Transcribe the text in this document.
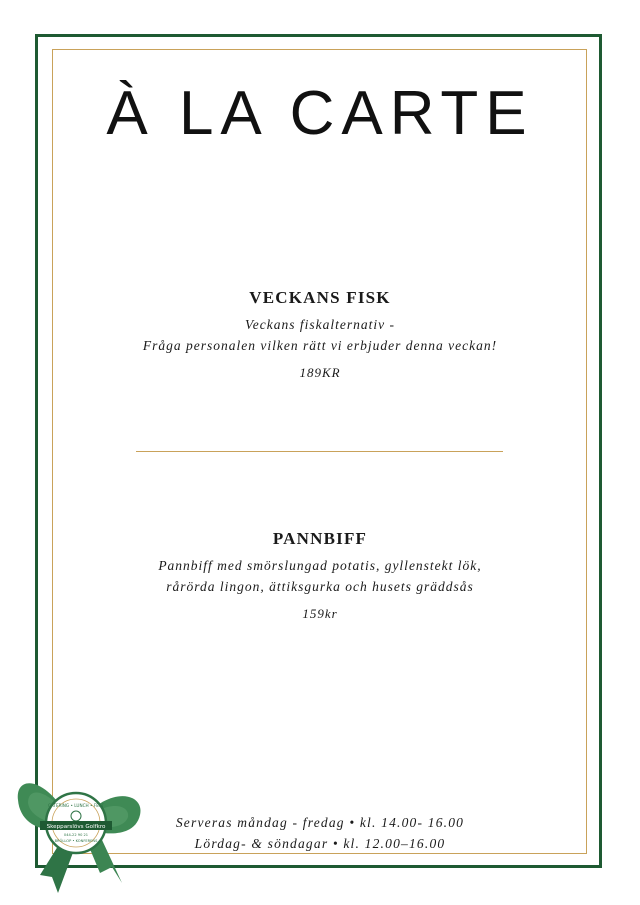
À LA CARTE
VECKANS FISK
Veckans fiskalternativ -
Fråga personalen vilken rätt vi erbjuder denna veckan!
189KR
PANNBIFF
Pannbiff med smörslungad potatis, gyllenstekt lök,
rårörda lingon, ättiksgurka och husets gräddsås
159kr
Serveras måndag - fredag • kl. 14.00- 16.00
Lördag- & söndagar • kl. 12.00–16.00
CATERING • LUNCH • FEST
Skepparslövs Golfkro
044-22 90 21
BRÖLLOP • KONFERENS
